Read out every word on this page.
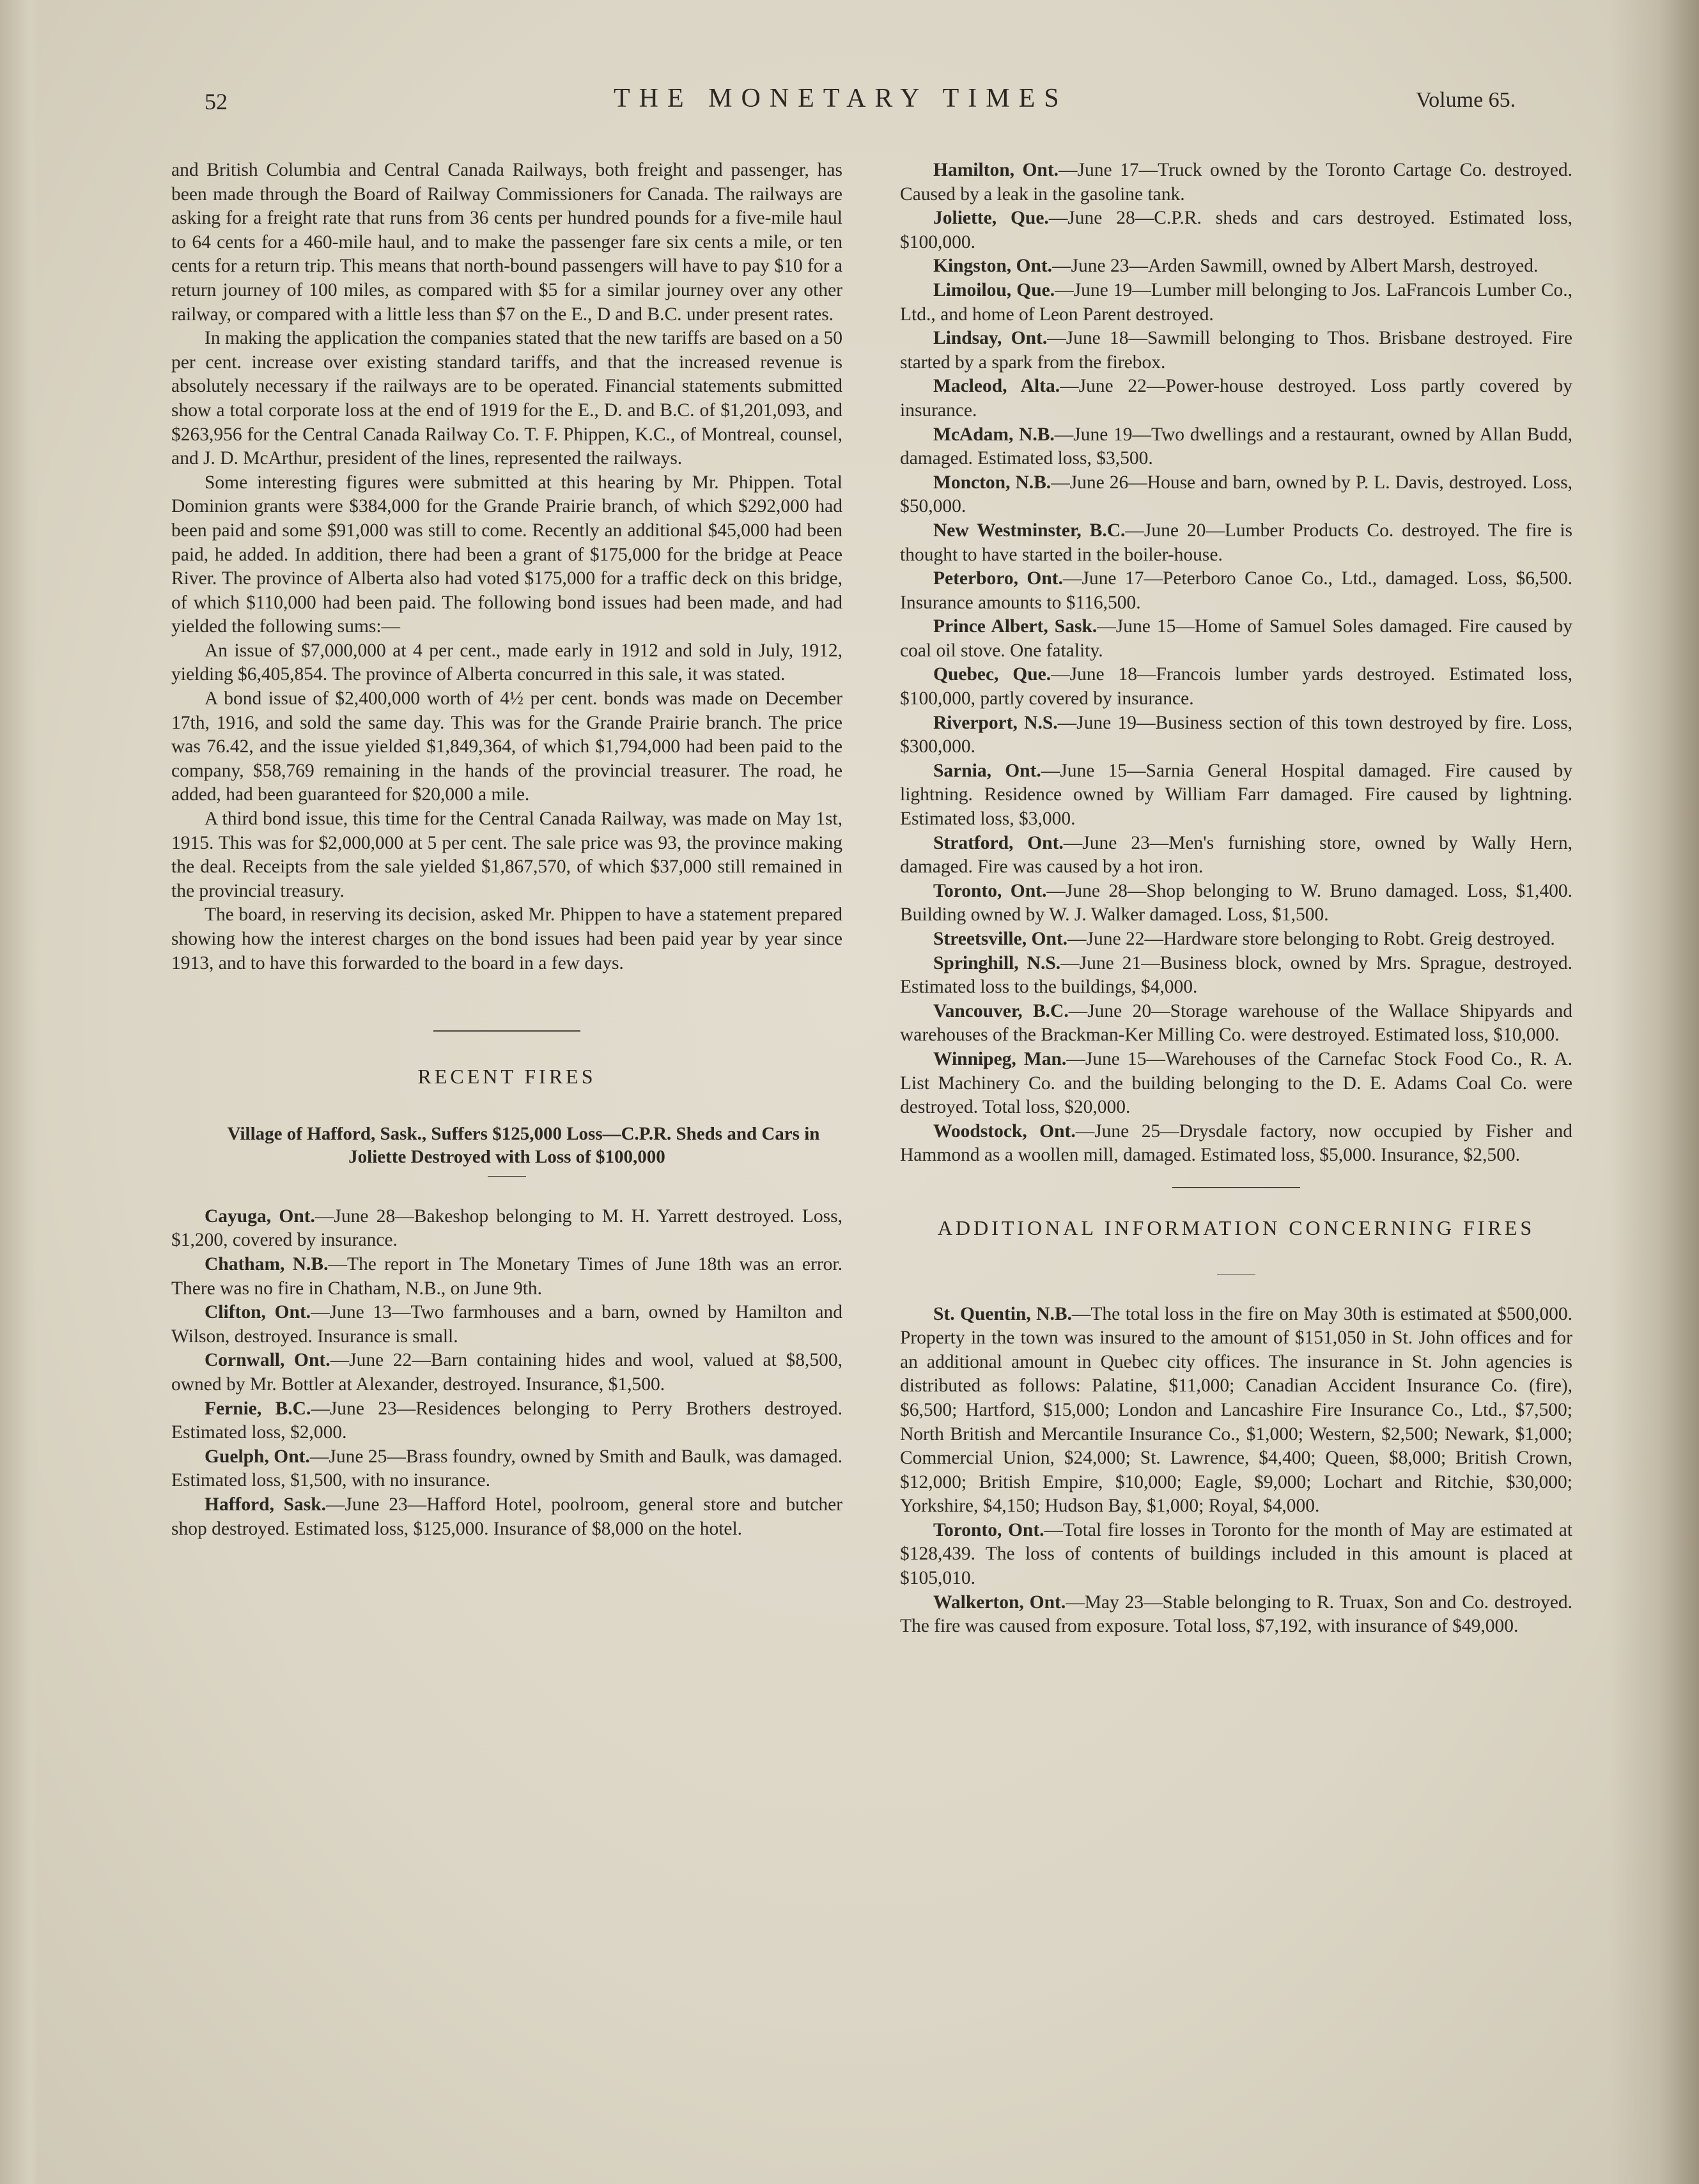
52	THE MONETARY TIMES	Volume 65.

and British Columbia and Central Canada Railways, both freight and passenger, has been made through the Board of Railway Commissioners for Canada. The railways are asking for a freight rate that runs from 36 cents per hundred pounds for a five-mile haul to 64 cents for a 460-mile haul, and to make the passenger fare six cents a mile, or ten cents for a return trip. This means that north-bound passengers will have to pay $10 for a return journey of 100 miles, as compared with $5 for a similar journey over any other railway, or compared with a little less than $7 on the E., D and B.C. under present rates.

In making the application the companies stated that the new tariffs are based on a 50 per cent. increase over existing standard tariffs, and that the increased revenue is absolutely necessary if the railways are to be operated. Financial statements submitted show a total corporate loss at the end of 1919 for the E., D. and B.C. of $1,201,093, and $263,956 for the Central Canada Railway Co. T. F. Phippen, K.C., of Montreal, counsel, and J. D. McArthur, president of the lines, represented the railways.

Some interesting figures were submitted at this hearing by Mr. Phippen. Total Dominion grants were $384,000 for the Grande Prairie branch, of which $292,000 had been paid and some $91,000 was still to come. Recently an additional $45,000 had been paid, he added. In addition, there had been a grant of $175,000 for the bridge at Peace River. The province of Alberta also had voted $175,000 for a traffic deck on this bridge, of which $110,000 had been paid. The following bond issues had been made, and had yielded the following sums:—

An issue of $7,000,000 at 4 per cent., made early in 1912 and sold in July, 1912, yielding $6,405,854. The province of Alberta concurred in this sale, it was stated.

A bond issue of $2,400,000 worth of 4½ per cent. bonds was made on December 17th, 1916, and sold the same day. This was for the Grande Prairie branch. The price was 76.42, and the issue yielded $1,849,364, of which $1,794,000 had been paid to the company, $58,769 remaining in the hands of the provincial treasurer. The road, he added, had been guaranteed for $20,000 a mile.

A third bond issue, this time for the Central Canada Railway, was made on May 1st, 1915. This was for $2,000,000 at 5 per cent. The sale price was 93, the province making the deal. Receipts from the sale yielded $1,867,570, of which $37,000 still remained in the provincial treasury.

The board, in reserving its decision, asked Mr. Phippen to have a statement prepared showing how the interest charges on the bond issues had been paid year by year since 1913, and to have this forwarded to the board in a few days.

RECENT FIRES

Village of Hafford, Sask., Suffers $125,000 Loss—C.P.R. Sheds and Cars in Joliette Destroyed with Loss of $100,000

Cayuga, Ont.—June 28—Bakeshop belonging to M. H. Yarrett destroyed. Loss, $1,200, covered by insurance.

Chatham, N.B.—The report in The Monetary Times of June 18th was an error. There was no fire in Chatham, N.B., on June 9th.

Clifton, Ont.—June 13—Two farmhouses and a barn, owned by Hamilton and Wilson, destroyed. Insurance is small.

Cornwall, Ont.—June 22—Barn containing hides and wool, valued at $8,500, owned by Mr. Bottler at Alexander, destroyed. Insurance, $1,500.

Fernie, B.C.—June 23—Residences belonging to Perry Brothers destroyed. Estimated loss, $2,000.

Guelph, Ont.—June 25—Brass foundry, owned by Smith and Baulk, was damaged. Estimated loss, $1,500, with no insurance.

Hafford, Sask.—June 23—Hafford Hotel, poolroom, general store and butcher shop destroyed. Estimated loss, $125,000. Insurance of $8,000 on the hotel.

Hamilton, Ont.—June 17—Truck owned by the Toronto Cartage Co. destroyed. Caused by a leak in the gasoline tank.

Joliette, Que.—June 28—C.P.R. sheds and cars destroyed. Estimated loss, $100,000.

Kingston, Ont.—June 23—Arden Sawmill, owned by Albert Marsh, destroyed.

Limoilou, Que.—June 19—Lumber mill belonging to Jos. LaFrancois Lumber Co., Ltd., and home of Leon Parent destroyed.

Lindsay, Ont.—June 18—Sawmill belonging to Thos. Brisbane destroyed. Fire started by a spark from the firebox.

Macleod, Alta.—June 22—Power-house destroyed. Loss partly covered by insurance.

McAdam, N.B.—June 19—Two dwellings and a restaurant, owned by Allan Budd, damaged. Estimated loss, $3,500.

Moncton, N.B.—June 26—House and barn, owned by P. L. Davis, destroyed. Loss, $50,000.

New Westminster, B.C.—June 20—Lumber Products Co. destroyed. The fire is thought to have started in the boiler-house.

Peterboro, Ont.—June 17—Peterboro Canoe Co., Ltd., damaged. Loss, $6,500. Insurance amounts to $116,500.

Prince Albert, Sask.—June 15—Home of Samuel Soles damaged. Fire caused by coal oil stove. One fatality.

Quebec, Que.—June 18—Francois lumber yards destroyed. Estimated loss, $100,000, partly covered by insurance.

Riverport, N.S.—June 19—Business section of this town destroyed by fire. Loss, $300,000.

Sarnia, Ont.—June 15—Sarnia General Hospital damaged. Fire caused by lightning. Residence owned by William Farr damaged. Fire caused by lightning. Estimated loss, $3,000.

Stratford, Ont.—June 23—Men's furnishing store, owned by Wally Hern, damaged. Fire was caused by a hot iron.

Toronto, Ont.—June 28—Shop belonging to W. Bruno damaged. Loss, $1,400. Building owned by W. J. Walker damaged. Loss, $1,500.

Streetsville, Ont.—June 22—Hardware store belonging to Robt. Greig destroyed.

Springhill, N.S.—June 21—Business block, owned by Mrs. Sprague, destroyed. Estimated loss to the buildings, $4,000.

Vancouver, B.C.—June 20—Storage warehouse of the Wallace Shipyards and warehouses of the Brackman-Ker Milling Co. were destroyed. Estimated loss, $10,000.

Winnipeg, Man.—June 15—Warehouses of the Carnefac Stock Food Co., R. A. List Machinery Co. and the building belonging to the D. E. Adams Coal Co. were destroyed. Total loss, $20,000.

Woodstock, Ont.—June 25—Drysdale factory, now occupied by Fisher and Hammond as a woollen mill, damaged. Estimated loss, $5,000. Insurance, $2,500.

ADDITIONAL INFORMATION CONCERNING FIRES

St. Quentin, N.B.—The total loss in the fire on May 30th is estimated at $500,000. Property in the town was insured to the amount of $151,050 in St. John offices and for an additional amount in Quebec city offices. The insurance in St. John agencies is distributed as follows: Palatine, $11,000; Canadian Accident Insurance Co. (fire), $6,500; Hartford, $15,000; London and Lancashire Fire Insurance Co., Ltd., $7,500; North British and Mercantile Insurance Co., $1,000; Western, $2,500; Newark, $1,000; Commercial Union, $24,000; St. Lawrence, $4,400; Queen, $8,000; British Crown, $12,000; British Empire, $10,000; Eagle, $9,000; Lochart and Ritchie, $30,000; Yorkshire, $4,150; Hudson Bay, $1,000; Royal, $4,000.

Toronto, Ont.—Total fire losses in Toronto for the month of May are estimated at $128,439. The loss of contents of buildings included in this amount is placed at $105,010.

Walkerton, Ont.—May 23—Stable belonging to R. Truax, Son and Co. destroyed. The fire was caused from exposure. Total loss, $7,192, with insurance of $49,000.
